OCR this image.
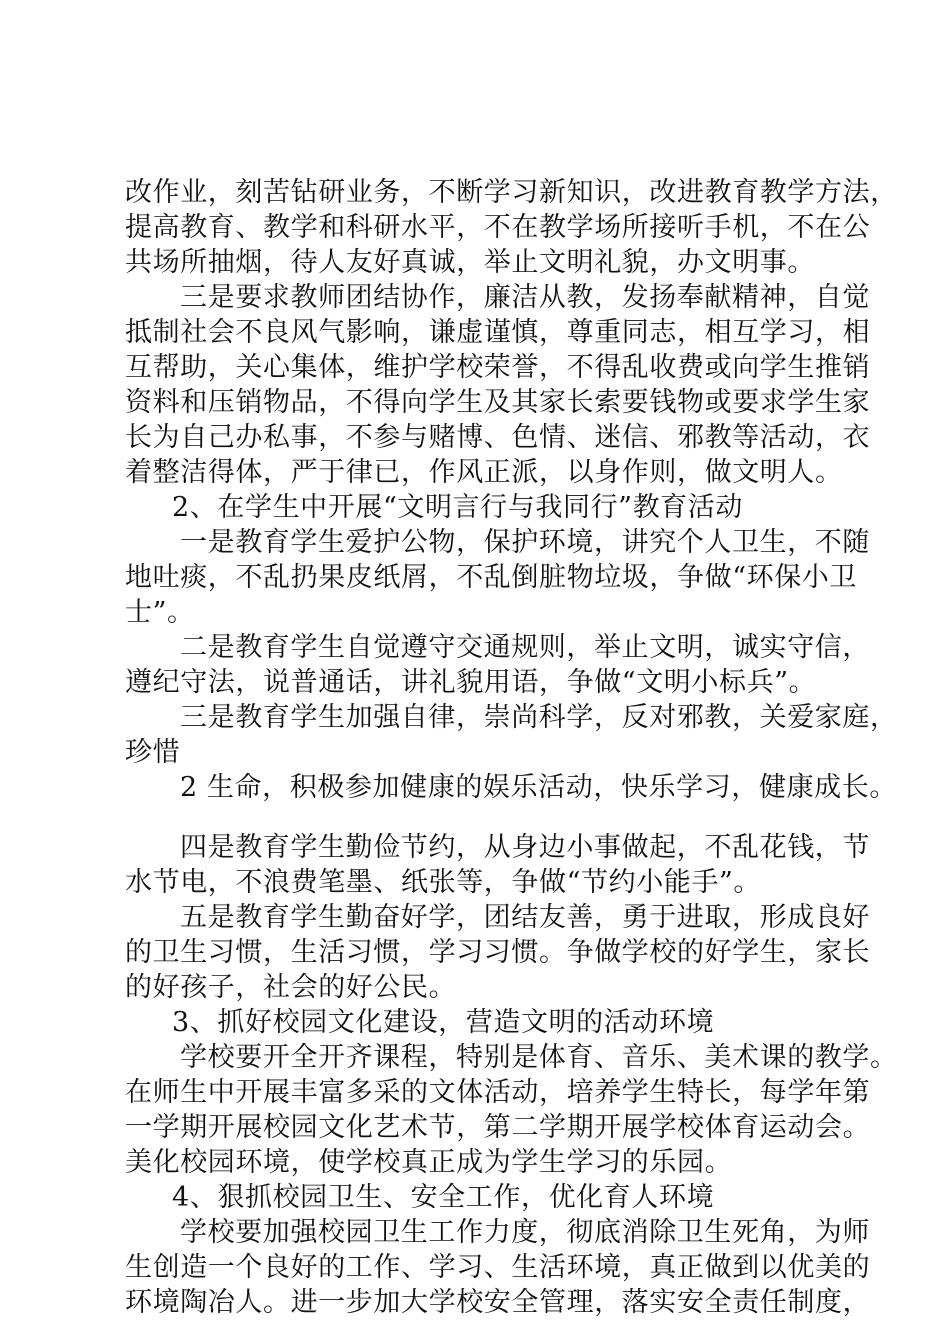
改作业，刻苦钻研业务，不断学习新知识，改进教育教学方法，
提高教育、教学和科研水平，不在教学场所接听手机，不在公
共场所抽烟，待人友好真诚，举止文明礼貌，办文明事。
三是要求教师团结协作，廉洁从教，发扬奉献精神，自觉
抵制社会不良风气影响，谦虚谨慎，尊重同志，相互学习，相
互帮助，关心集体，维护学校荣誉，不得乱收费或向学生推销
资料和压销物品，不得向学生及其家长索要钱物或要求学生家
长为自己办私事，不参与赌博、色情、迷信、邪教等活动，衣
着整洁得体，严于律已，作风正派，以身作则，做文明人。
2、在学生中开展“文明言行与我同行”教育活动
一是教育学生爱护公物，保护环境，讲究个人卫生，不随
地吐痰，不乱扔果皮纸屑，不乱倒脏物垃圾，争做“环保小卫
士”。
二是教育学生自觉遵守交通规则，举止文明，诚实守信，
遵纪守法，说普通话，讲礼貌用语，争做“文明小标兵”。
三是教育学生加强自律，崇尚科学，反对邪教，关爱家庭，
珍惜
2 生命，积极参加健康的娱乐活动，快乐学习，健康成长。
四是教育学生勤俭节约，从身边小事做起，不乱花钱，节
水节电，不浪费笔墨、纸张等，争做“节约小能手”。
五是教育学生勤奋好学，团结友善，勇于进取，形成良好
的卫生习惯，生活习惯，学习习惯。争做学校的好学生，家长
的好孩子，社会的好公民。
3、抓好校园文化建设，营造文明的活动环境
学校要开全开齐课程，特别是体育、音乐、美术课的教学。
在师生中开展丰富多采的文体活动，培养学生特长，每学年第
一学期开展校园文化艺术节，第二学期开展学校体育运动会。
美化校园环境，使学校真正成为学生学习的乐园。
4、狠抓校园卫生、安全工作，优化育人环境
学校要加强校园卫生工作力度，彻底消除卫生死角，为师
生创造一个良好的工作、学习、生活环境，真正做到以优美的
环境陶冶人。进一步加大学校安全管理，落实安全责任制度，
